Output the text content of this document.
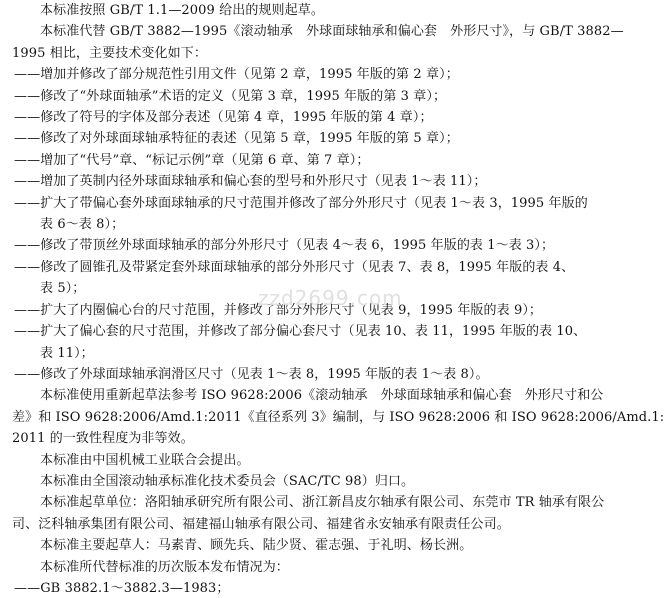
本标准按照 GB/T 1.1—2009 给出的规则起草。
本标准代替 GB/T 3882—1995《滚动轴承　外球面球轴承和偏心套　外形尺寸》，与 GB/T 3882—
1995 相比，主要技术变化如下：
——增加并修改了部分规范性引用文件（见第 2 章，1995 年版的第 2 章）；
——修改了“外球面轴承”术语的定义（见第 3 章，1995 年版的第 3 章）；
——修改了符号的字体及部分表述（见第 4 章，1995 年版的第 4 章）；
——修改了对外球面球轴承特征的表述（见第 5 章，1995 年版的第 5 章）；
——增加了“代号”章、“标记示例”章（见第 6 章、第 7 章）；
——增加了英制内径外球面球轴承和偏心套的型号和外形尺寸（见表 1～表 11）；
——扩大了带偏心套外球面球轴承的尺寸范围并修改了部分外形尺寸（见表 1～表 3，1995 年版的
表 6～表 8）；
——修改了带顶丝外球面球轴承的部分外形尺寸（见表 4～表 6，1995 年版的表 1～表 3）；
——修改了圆锥孔及带紧定套外球面球轴承的部分外形尺寸（见表 7、表 8，1995 年版的表 4、
表 5）；
——扩大了内圈偏心台的尺寸范围，并修改了部分外形尺寸（见表 9，1995 年版的表 9）；
——扩大了偏心套的尺寸范围，并修改了部分偏心套尺寸（见表 10、表 11，1995 年版的表 10、
表 11）；
——修改了外球面球轴承润滑区尺寸（见表 1～表 8，1995 年版的表 1～表 8）。
本标准使用重新起草法参考 ISO 9628:2006《滚动轴承　外球面球轴承和偏心套　外形尺寸和公
差》和 ISO 9628:2006/Amd.1:2011《直径系列 3》编制，与 ISO 9628:2006 和 ISO 9628:2006/Amd.1:
2011 的一致性程度为非等效。
本标准由中国机械工业联合会提出。
本标准由全国滚动轴承标准化技术委员会（SAC/TC 98）归口。
本标准起草单位：洛阳轴承研究所有限公司、浙江新昌皮尔轴承有限公司、东莞市 TR 轴承有限公
司、泛科轴承集团有限公司、福建福山轴承有限公司、福建省永安轴承有限责任公司。
本标准主要起草人：马素青、顾先兵、陆少贤、霍志强、于礼明、杨长洲。
本标准所代替标准的历次版本发布情况为：
——GB 3882.1～3882.3—1983；
zzd2699.com
